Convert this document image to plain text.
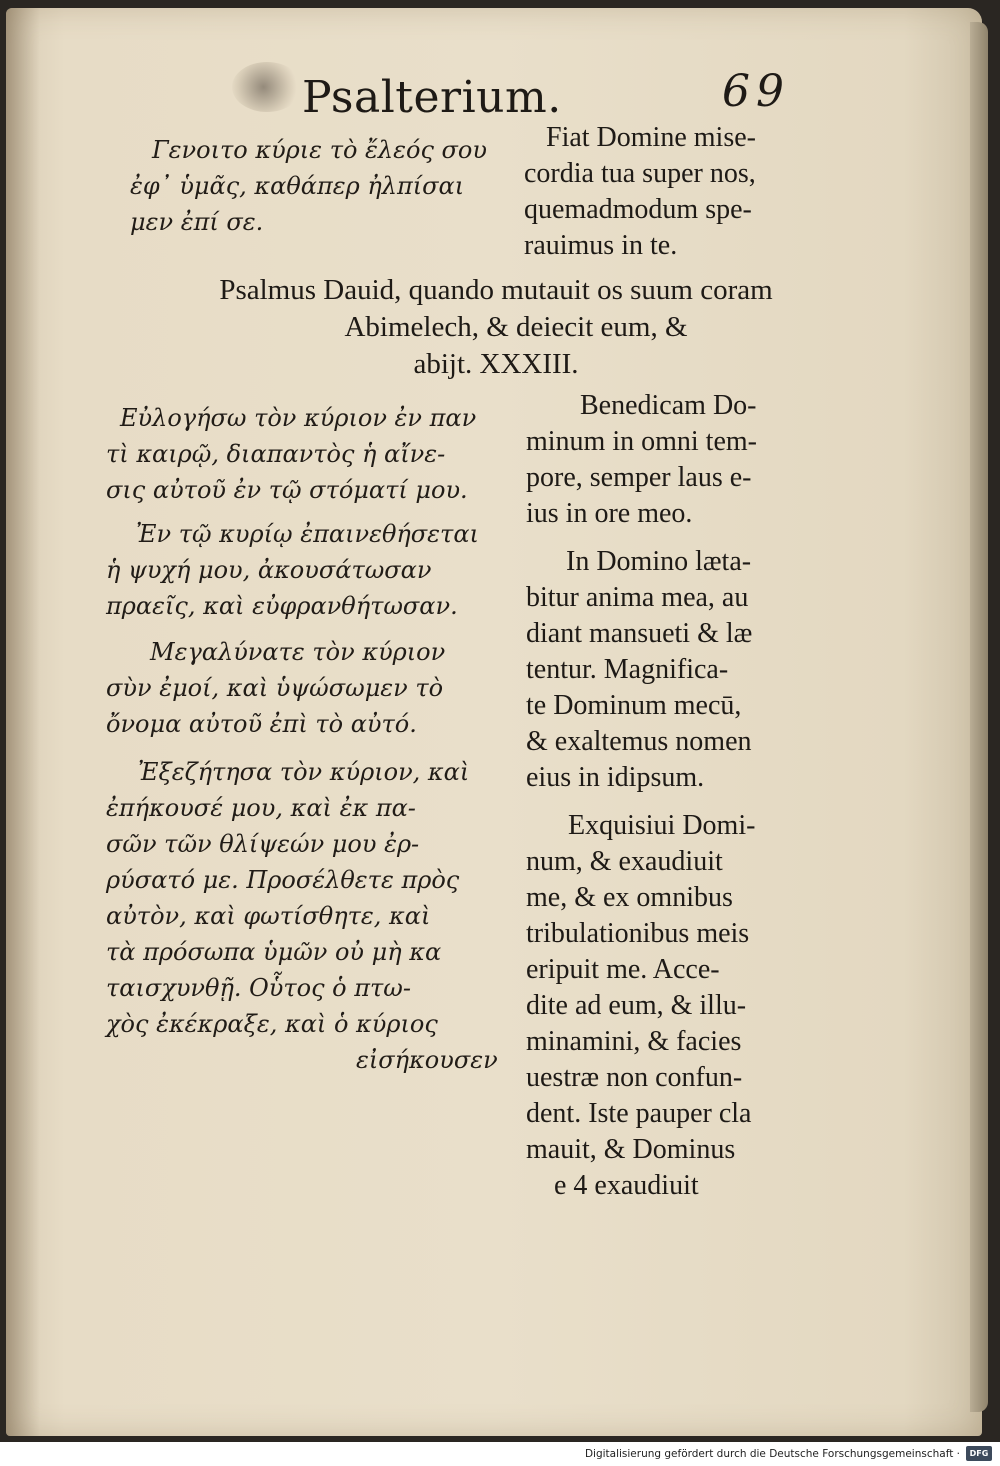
Psalterium.	69
Γενοιτο κύριε τὸ ἔλεός σου
ἐφ᾽ ὑμᾶς, καθάπερ ἠλπίσαι
μεν ἐπί σε.
Fiat Domine mise-
cordia tua super nos,
quemadmodum spe-
rauimus in te.
Psalmus Dauid, quando mutauit os suum coram
Abimelech, & deiecit eum, &
abijt. XXXIII.
Εὐλογήσω τὸν κύριον ἐν παν
τὶ καιρῷ, διαπαντὸς ἡ αἴνε-
σις αὐτοῦ ἐν τῷ στόματί μου.
Ἐν τῷ κυρίῳ ἐπαινεθήσεται
ἡ ψυχή μου, ἀκουσάτωσαν
πραεῖς, καὶ εὐφρανθήτωσαν.
Μεγαλύνατε τὸν κύριον
σὺν ἐμοί, καὶ ὑψώσωμεν τὸ
ὄνομα αὐτοῦ ἐπὶ τὸ αὐτό.
Ἐξεζήτησα τὸν κύριον, καὶ
ἐπήκουσέ μου, καὶ ἐκ πα-
σῶν τῶν θλίψεών μου ἐρ-
ρύσατό με. Προσέλθετε πρὸς
αὐτὸν, καὶ φωτίσθητε, καὶ
τὰ πρόσωπα ὑμῶν οὐ μὴ κα
ταισχυνθῇ. Οὗτος ὁ πτω-
χὸς ἐκέκραξε, καὶ ὁ κύριος
εἰσήκουσεν
Benedicam Do-
minum in omni tem-
pore, semper laus e-
ius in ore meo.
In Domino læta-
bitur anima mea, au
diant mansueti & læ
tentur. Magnifica-
te Dominum mecū,
& exaltemus nomen
eius in idipsum.
Exquisiui Domi-
num, & exaudiuit
me, & ex omnibus
tribulationibus meis
eripuit me. Acce-
dite ad eum, & illu-
minamini, & facies
uestræ non confun-
dent. Iste pauper cla
mauit, & Dominus
e 4 exaudiuit
Digitalisierung gefördert durch die Deutsche Forschungsgemeinschaft ·	DFG
